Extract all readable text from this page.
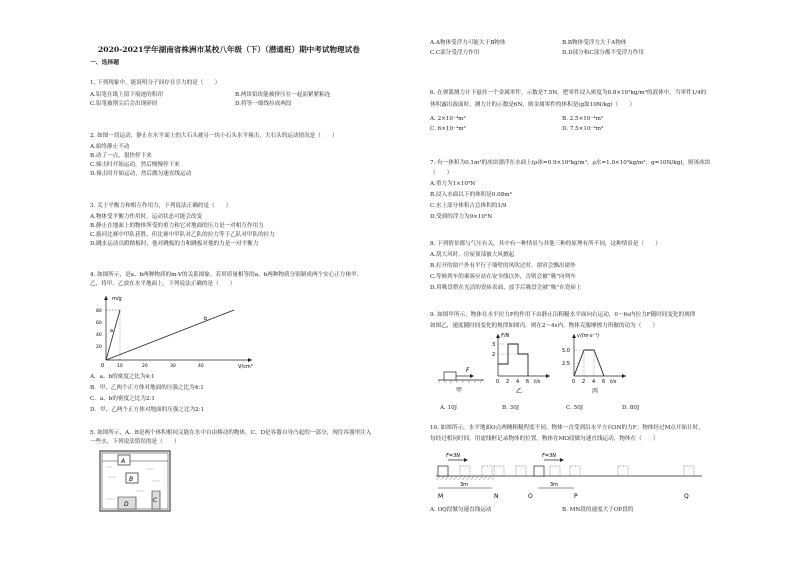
2020-2021学年湖南省株洲市某校八年级（下）（潜通班）期中考试物理试卷
一、选择题
1. 下列现象中，能说明分子间存在引力的是（　　）
A.铅笔在纸上留下痕迹的积印	B.两块铅块能被挤压在一起而紧紧粘连
C.铅笔被削尖后会出现碎屑	D.将等一细线拉成两段
2. 如图一切运动，静止在水平面上的大石头被另一块小石头水平撞击，大石头的运动情况是（　　）
A.始终静止不动
B.动了一点，很快停下来
C.撞击时开始运动，然后慢慢停下来
D.撞击时开始运动，然后做匀速直线运动
3. 关于平衡力和相互作用力，下列说法正确的是（　　）
A.物体受平衡力作用时，运动状态可能会改变
B.静止在地面上的物体所受的重力和它对地面的压力是一对相互作用力
C.拔河比赛中甲队获胜，但比赛中甲队对乙队的拉力等于乙队对甲队的拉力
D.跳水运动员蹬踏板时，他对跳板的力和跳板对他的力是一对平衡力
4. 如图所示，是a、b两种物质的m-V的关系图象，若用质量相等的a、b两种物质分别制成两个实心正方体甲、
乙，将甲、乙放在水平地面上，下列说法正确的是（　　）
m/g
V/cm³
a
b
0
80
60
40
20
10	20	30	40
A．a、b的密度之比为4:1
B．甲、乙两个正方体对地面的压强之比为4:1
C．a、b的密度之比为2:1
D．甲、乙两个正方体对地面的压强之比为2:1
5. 如图所示，A、B是两个体积相同又能在水中自由移动的物体，C、D是容器自身凸起的一部分，现往容器里注入
一些水，下列说法错误的是（　　）
A
B
C
D
A.A物体受浮力可能大于B物体	B.B物体受浮力大于A物体
C.C部分受浮力作用	D.D部分和C部分都不受浮力作用
6. 在弹簧测力计下悬挂一个金属零件，示数是7.5N，把零件浸入密度为0.8×10³kg/m³的液体中，当零件1/4的
体积露出液面时，测力计的示数是6N，则金属零件的体积是(g取10N/kg)（　　）
A. 2×10⁻⁴m³	B. 2.5×10⁻⁴m³
C. 6×10⁻⁴m³	D. 7.5×10⁻⁴m³
7. 有一体积为0.1m³的冰块漂浮在水面上(ρ冰=0.9×10³kg/m³，ρ水=1.0×10³kg/m³，g=10N/kg)，则该冰块
（　　）
A.重力为1×10³N
B.浸入水面以下的体积是0.08m³
C.水上部分体积占总体积的1/9
D.受到的浮力为9×10²N
8. 下列情景都与气压有关，其中有一种情景与其他三种的原理有所不同，这种情景是（　　）
A.刮大风时，房屋顶部被大风掀起
B.打开的窗户外有平行于墙壁的风吹过时，窗帘会飘出窗外
C.等候列车的乘客应站在安全线以外，否则会被“吸”向列车
D.用吸盘搭在光洁的瓷砖表面，放手后吸盘会被“吸”在瓷砖上
9. 如图甲所示，物体在水平拉力F的作用下由静止沿粗糙水平面向右运动，0～6s内拉力F随时间变化的规律
如图乙，速度随时间变化的规律如图丙，则在2～4s内，物体克服摩擦力所做的功为（　　）
F
甲
F/N
3
2
0 2 4 6 t/s
乙
v/(m·s⁻¹)
5.0
2.5
0 2 4 6 t/s
丙
A. 10J	B. 30J	C. 50J	D. 80J
10. 如图所示，水平地面O点两侧粗糙程度不同，物体一直受到沿水平方向3N的力F。物体经过M点开始计时，
每经过相同时间，用虚线框记录物体的位置，物体在MO段做匀速直线运动，物体在（　　）
F=3N	F=3N
3m	3m
M	N	O	P	Q
A. OQ段做匀速直线运动	B. MN段的速度大于OP段的
